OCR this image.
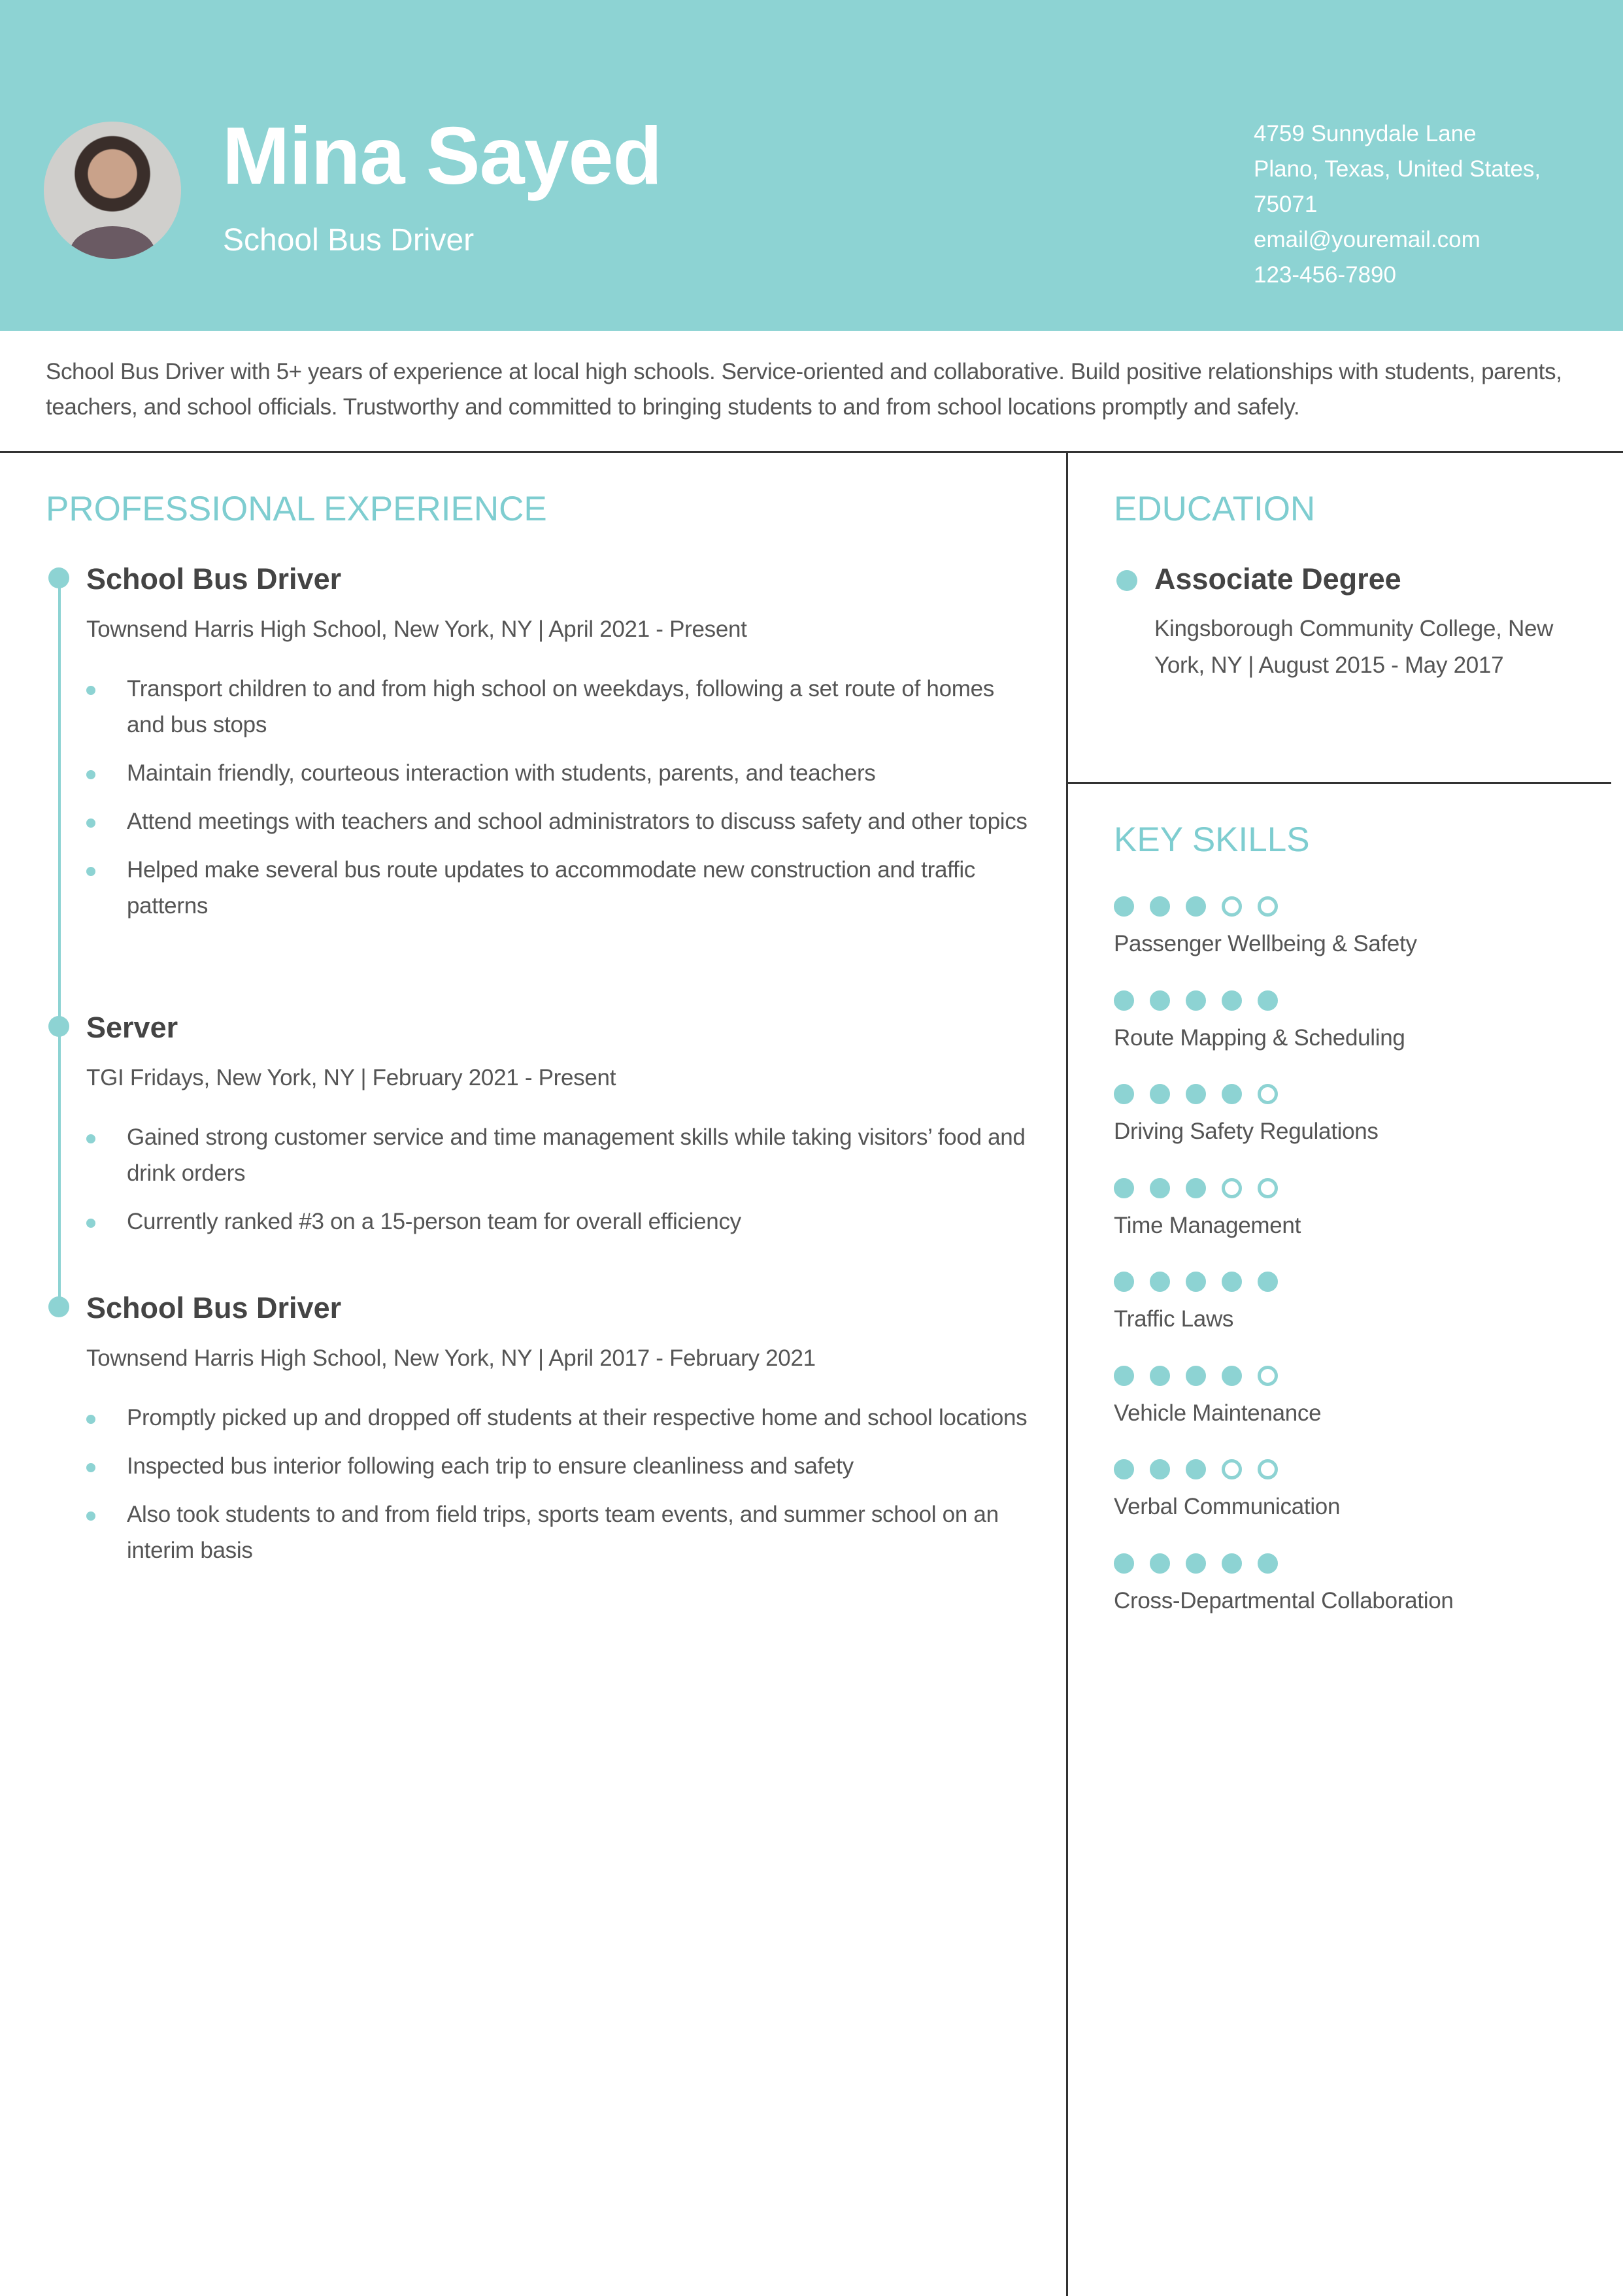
Mina Sayed
School Bus Driver
4759 Sunnydale Lane
Plano, Texas, United States,
75071
email@youremail.com
123-456-7890

School Bus Driver with 5+ years of experience at local high schools. Service-oriented and collaborative. Build positive relationships with students, parents, teachers, and school officials. Trustworthy and committed to bringing students to and from school locations promptly and safely.

PROFESSIONAL EXPERIENCE
School Bus Driver
Townsend Harris High School, New York, NY | April 2021 - Present
Transport children to and from high school on weekdays, following a set route of homes and bus stops
Maintain friendly, courteous interaction with students, parents, and teachers
Attend meetings with teachers and school administrators to discuss safety and other topics
Helped make several bus route updates to accommodate new construction and traffic patterns
Server
TGI Fridays, New York, NY | February 2021 - Present
Gained strong customer service and time management skills while taking visitors’ food and drink orders
Currently ranked #3 on a 15-person team for overall efficiency
School Bus Driver
Townsend Harris High School, New York, NY | April 2017 - February 2021
Promptly picked up and dropped off students at their respective home and school locations
Inspected bus interior following each trip to ensure cleanliness and safety
Also took students to and from field trips, sports team events, and summer school on an interim basis
EDUCATION
Associate Degree
Kingsborough Community College, New York, NY | August 2015 - May 2017
KEY SKILLS
Passenger Wellbeing & Safety
Route Mapping & Scheduling
Driving Safety Regulations
Time Management
Traffic Laws
Vehicle Maintenance
Verbal Communication
Cross-Departmental Collaboration
